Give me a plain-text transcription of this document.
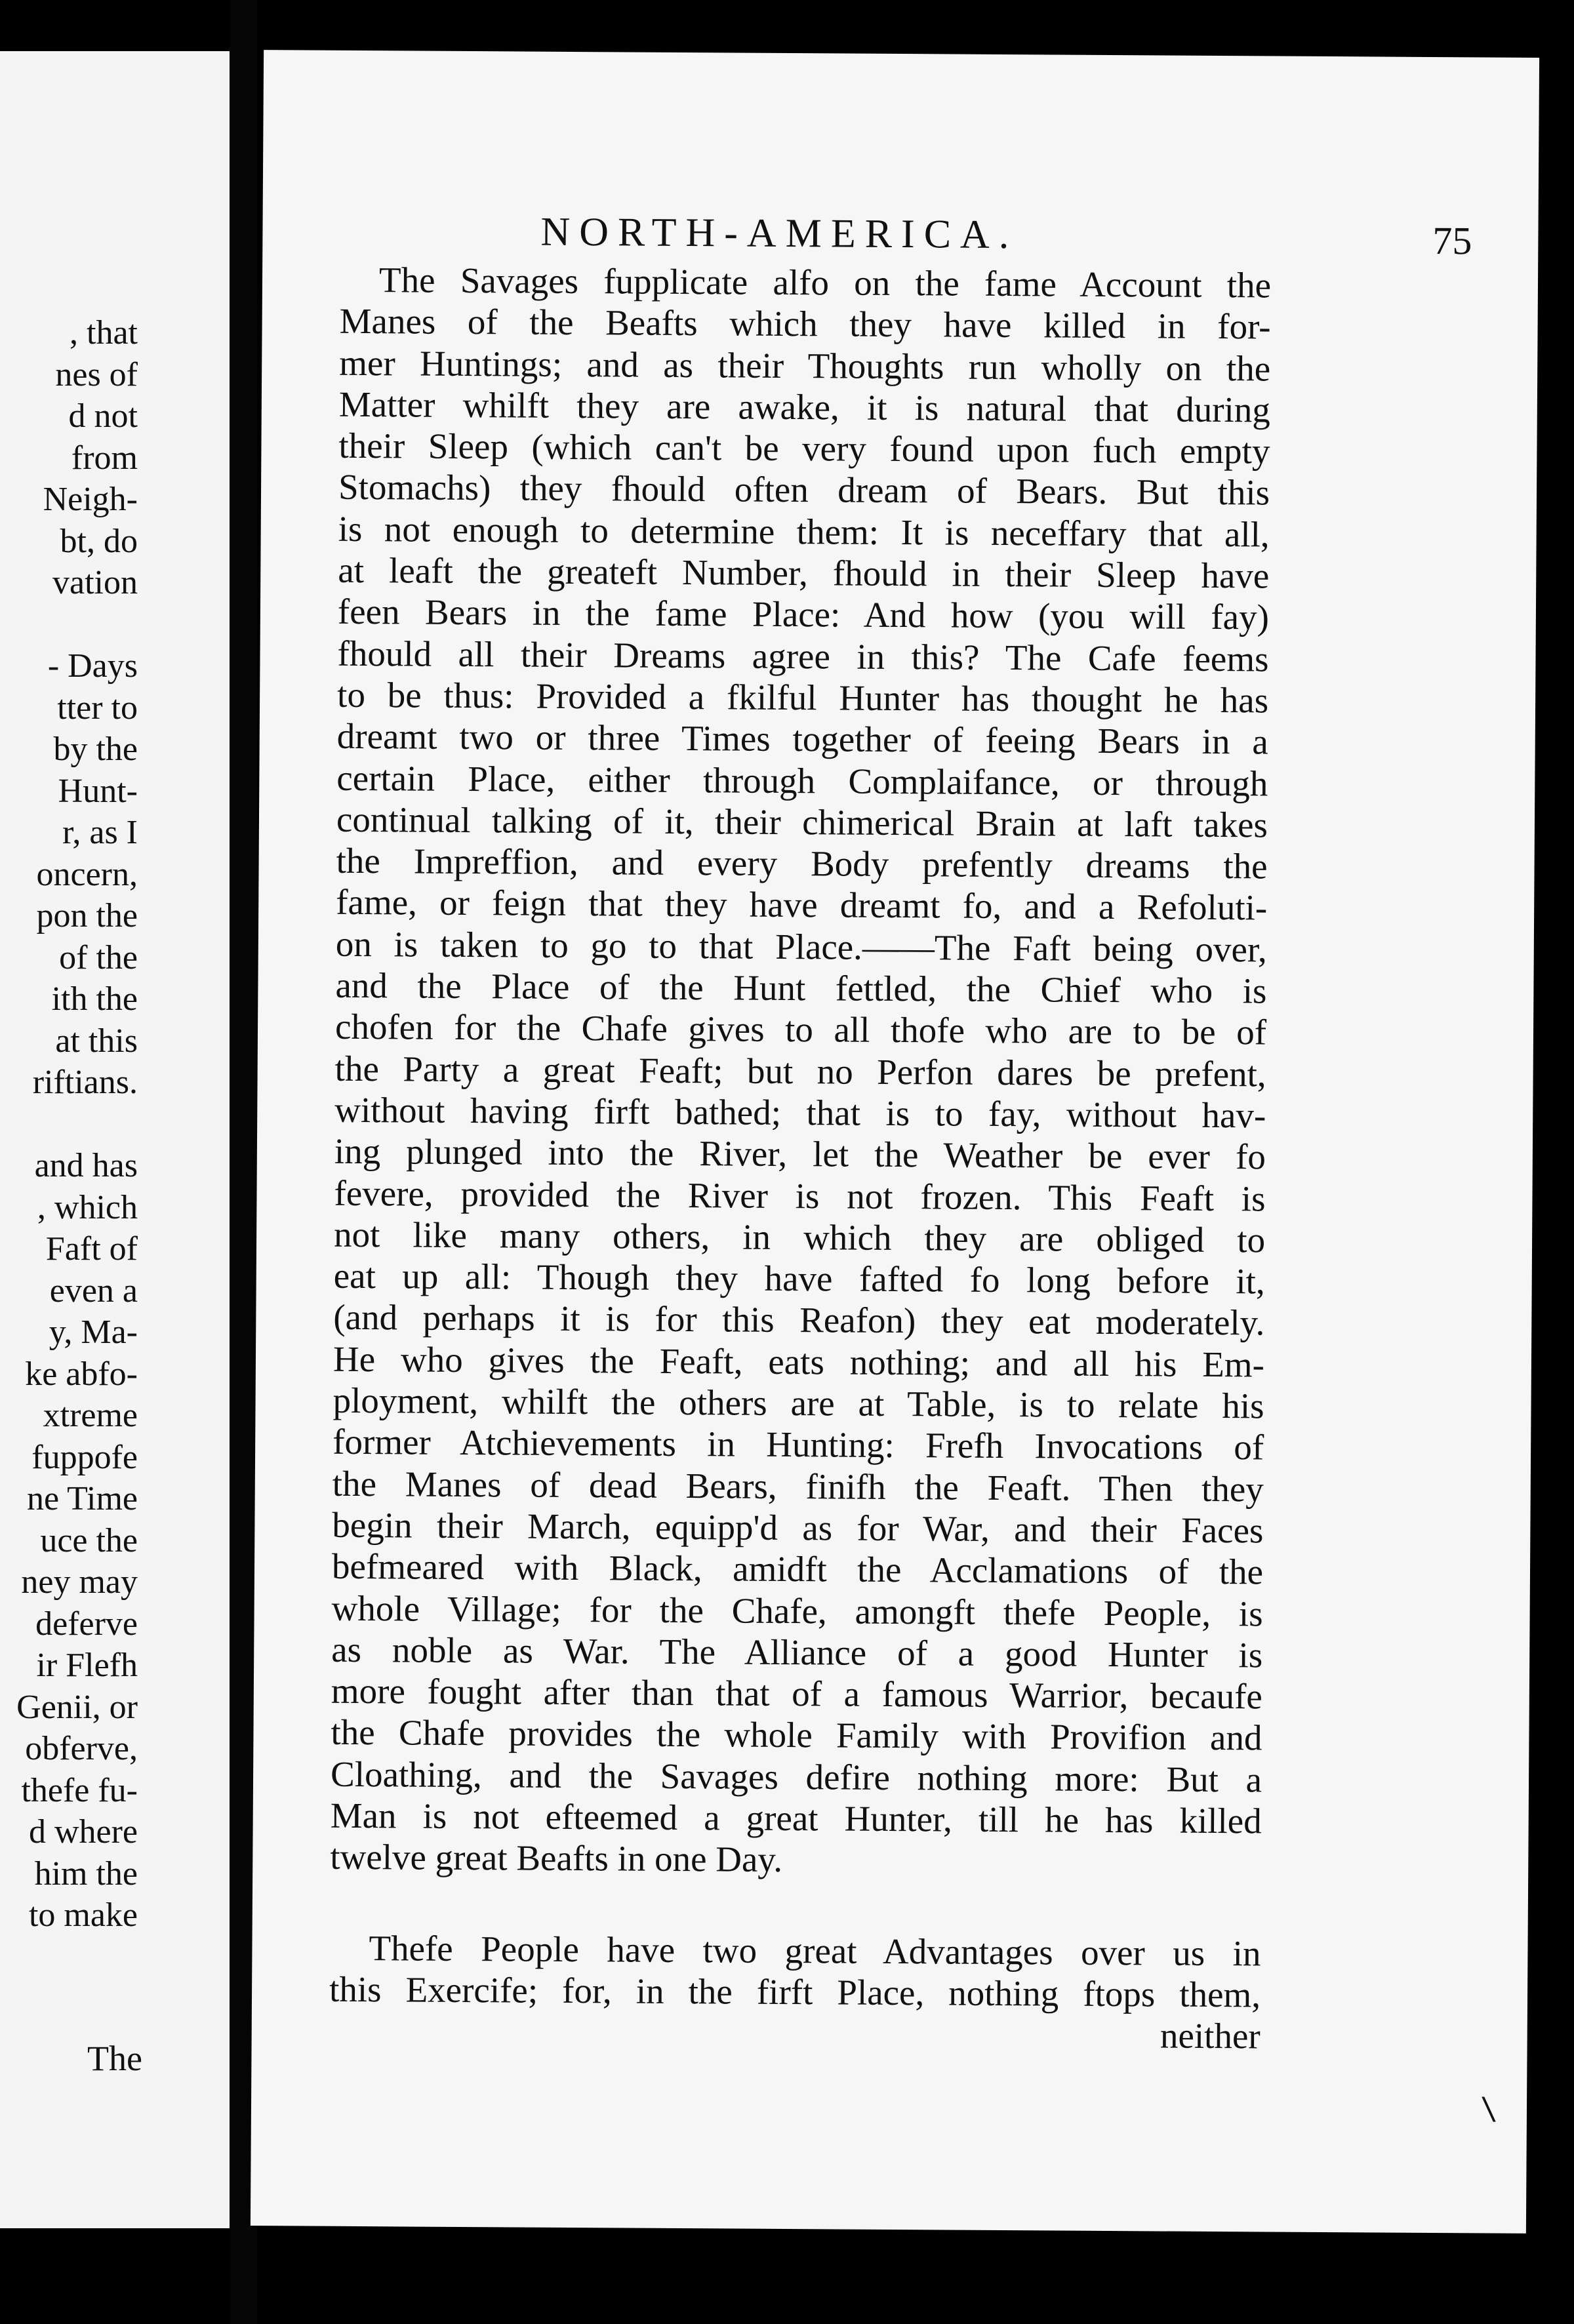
, that
nes of
d not
from
Neigh-
bt, do
vation
- Days
tter to
by the
Hunt-
r, as I
oncern,
pon the
of the
ith the
at this
riftians.
and has
, which
Faft of
even a
y, Ma-
ke abfo-
xtreme
fuppofe
ne Time
uce the
ney may
deferve
ir Flefh
Genii, or
obferve,
thefe fu-
d where
him the
to make
The
NORTH-AMERICA.	75
The Savages fupplicate alfo on the fame Account the
Manes of the Beafts which they have killed in for-
mer Huntings; and as their Thoughts run wholly on the
Matter whilft they are awake, it is natural that during
their Sleep (which can't be very found upon fuch empty
Stomachs) they fhould often dream of Bears. But this
is not enough to determine them: It is neceffary that all,
at leaft the greateft Number, fhould in their Sleep have
feen Bears in the fame Place: And how (you will fay)
fhould all their Dreams agree in this? The Cafe feems
to be thus: Provided a fkilful Hunter has thought he has
dreamt two or three Times together of feeing Bears in a
certain Place, either through Complaifance, or through
continual talking of it, their chimerical Brain at laft takes
the Impreffion, and every Body prefently dreams the
fame, or feign that they have dreamt fo, and a Refoluti-
on is taken to go to that Place.——The Faft being over,
and the Place of the Hunt fettled, the Chief who is
chofen for the Chafe gives to all thofe who are to be of
the Party a great Feaft; but no Perfon dares be prefent,
without having firft bathed; that is to fay, without hav-
ing plunged into the River, let the Weather be ever fo
fevere, provided the River is not frozen. This Feaft is
not like many others, in which they are obliged to
eat up all: Though they have fafted fo long before it,
(and perhaps it is for this Reafon) they eat moderately.
He who gives the Feaft, eats nothing; and all his Em-
ployment, whilft the others are at Table, is to relate his
former Atchievements in Hunting: Frefh Invocations of
the Manes of dead Bears, finifh the Feaft. Then they
begin their March, equipp'd as for War, and their Faces
befmeared with Black, amidft the Acclamations of the
whole Village; for the Chafe, amongft thefe People, is
as noble as War. The Alliance of a good Hunter is
more fought after than that of a famous Warrior, becaufe
the Chafe provides the whole Family with Provifion and
Cloathing, and the Savages defire nothing more: But a
Man is not efteemed a great Hunter, till he has killed
twelve great Beafts in one Day.
Thefe People have two great Advantages over us in
this Exercife; for, in the firft Place, nothing ftops them,
neither
